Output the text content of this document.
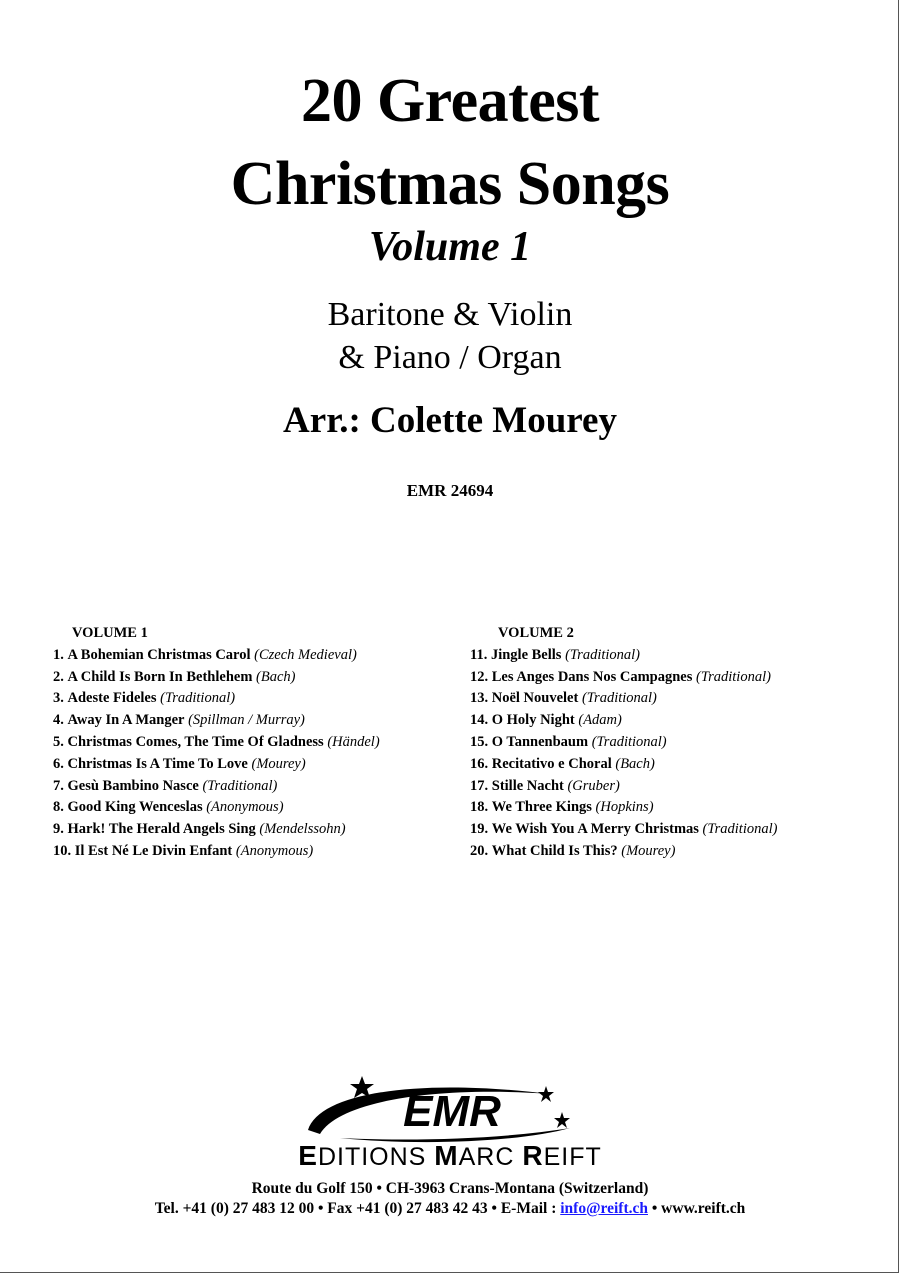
20 Greatest
Christmas Songs
Volume 1
Baritone & Violin
& Piano / Organ
Arr.: Colette Mourey
EMR 24694
VOLUME 1
1. A Bohemian Christmas Carol (Czech Medieval)
2. A Child Is Born In Bethlehem (Bach)
3. Adeste Fideles (Traditional)
4. Away In A Manger (Spillman / Murray)
5. Christmas Comes, The Time Of Gladness (Händel)
6. Christmas Is A Time To Love (Mourey)
7. Gesù Bambino Nasce (Traditional)
8. Good King Wenceslas (Anonymous)
9. Hark! The Herald Angels Sing (Mendelssohn)
10. Il Est Né Le Divin Enfant (Anonymous)
VOLUME 2
11. Jingle Bells (Traditional)
12. Les Anges Dans Nos Campagnes (Traditional)
13. Noël Nouvelet (Traditional)
14. O Holy Night (Adam)
15. O Tannenbaum (Traditional)
16. Recitativo e Choral (Bach)
17. Stille Nacht (Gruber)
18. We Three Kings (Hopkins)
19. We Wish You A Merry Christmas (Traditional)
20. What Child Is This? (Mourey)
EMR
EDITIONS MARC REIFT
Route du Golf 150 • CH-3963 Crans-Montana (Switzerland)
Tel. +41 (0) 27 483 12 00 • Fax +41 (0) 27 483 42 43 • E-Mail : info@reift.ch • www.reift.ch
